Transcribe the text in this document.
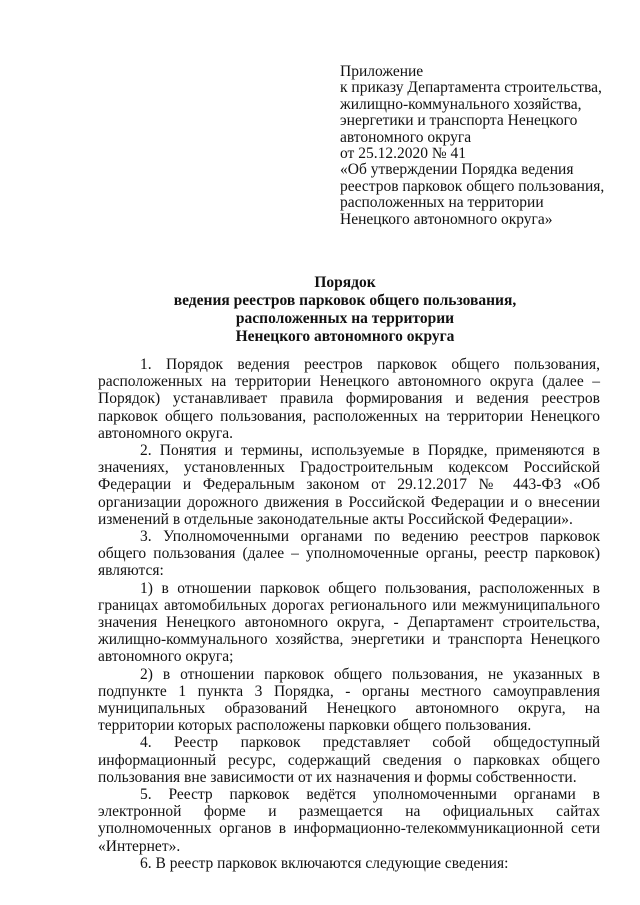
Приложение
к приказу Департамента строительства,
жилищно-коммунального хозяйства,
энергетики и транспорта Ненецкого
автономного округа
от 25.12.2020 № 41
«Об утверждении Порядка ведения
реестров парковок общего пользования,
расположенных на территории
Ненецкого автономного округа»
Порядок
ведения реестров парковок общего пользования,
расположенных на территории
Ненецкого автономного округа

1. Порядок ведения реестров парковок общего пользования, расположенных на территории Ненецкого автономного округа (далее – Порядок) устанавливает правила формирования и ведения реестров парковок общего пользования, расположенных на территории Ненецкого автономного округа.

2. Понятия и термины, используемые в Порядке, применяются в значениях, установленных Градостроительным кодексом Российской Федерации и Федеральным законом от 29.12.2017 № 443-ФЗ «Об организации дорожного движения в Российской Федерации и о внесении изменений в отдельные законодательные акты Российской Федерации».

3. Уполномоченными органами по ведению реестров парковок общего пользования (далее – уполномоченные органы, реестр парковок) являются:

1) в отношении парковок общего пользования, расположенных в границах автомобильных дорогах регионального или межмуниципального значения Ненецкого автономного округа, - Департамент строительства, жилищно-коммунального хозяйства, энергетики и транспорта Ненецкого автономного округа;

2) в отношении парковок общего пользования, не указанных в подпункте 1 пункта 3 Порядка, - органы местного самоуправления муниципальных образований Ненецкого автономного округа, на территории которых расположены парковки общего пользования.

4. Реестр парковок представляет собой общедоступный информационный ресурс, содержащий сведения о парковках общего пользования вне зависимости от их назначения и формы собственности.

5. Реестр парковок ведётся уполномоченными органами в электронной форме и размещается на официальных сайтах уполномоченных органов в информационно-телекоммуникационной сети «Интернет».

6. В реестр парковок включаются следующие сведения:
